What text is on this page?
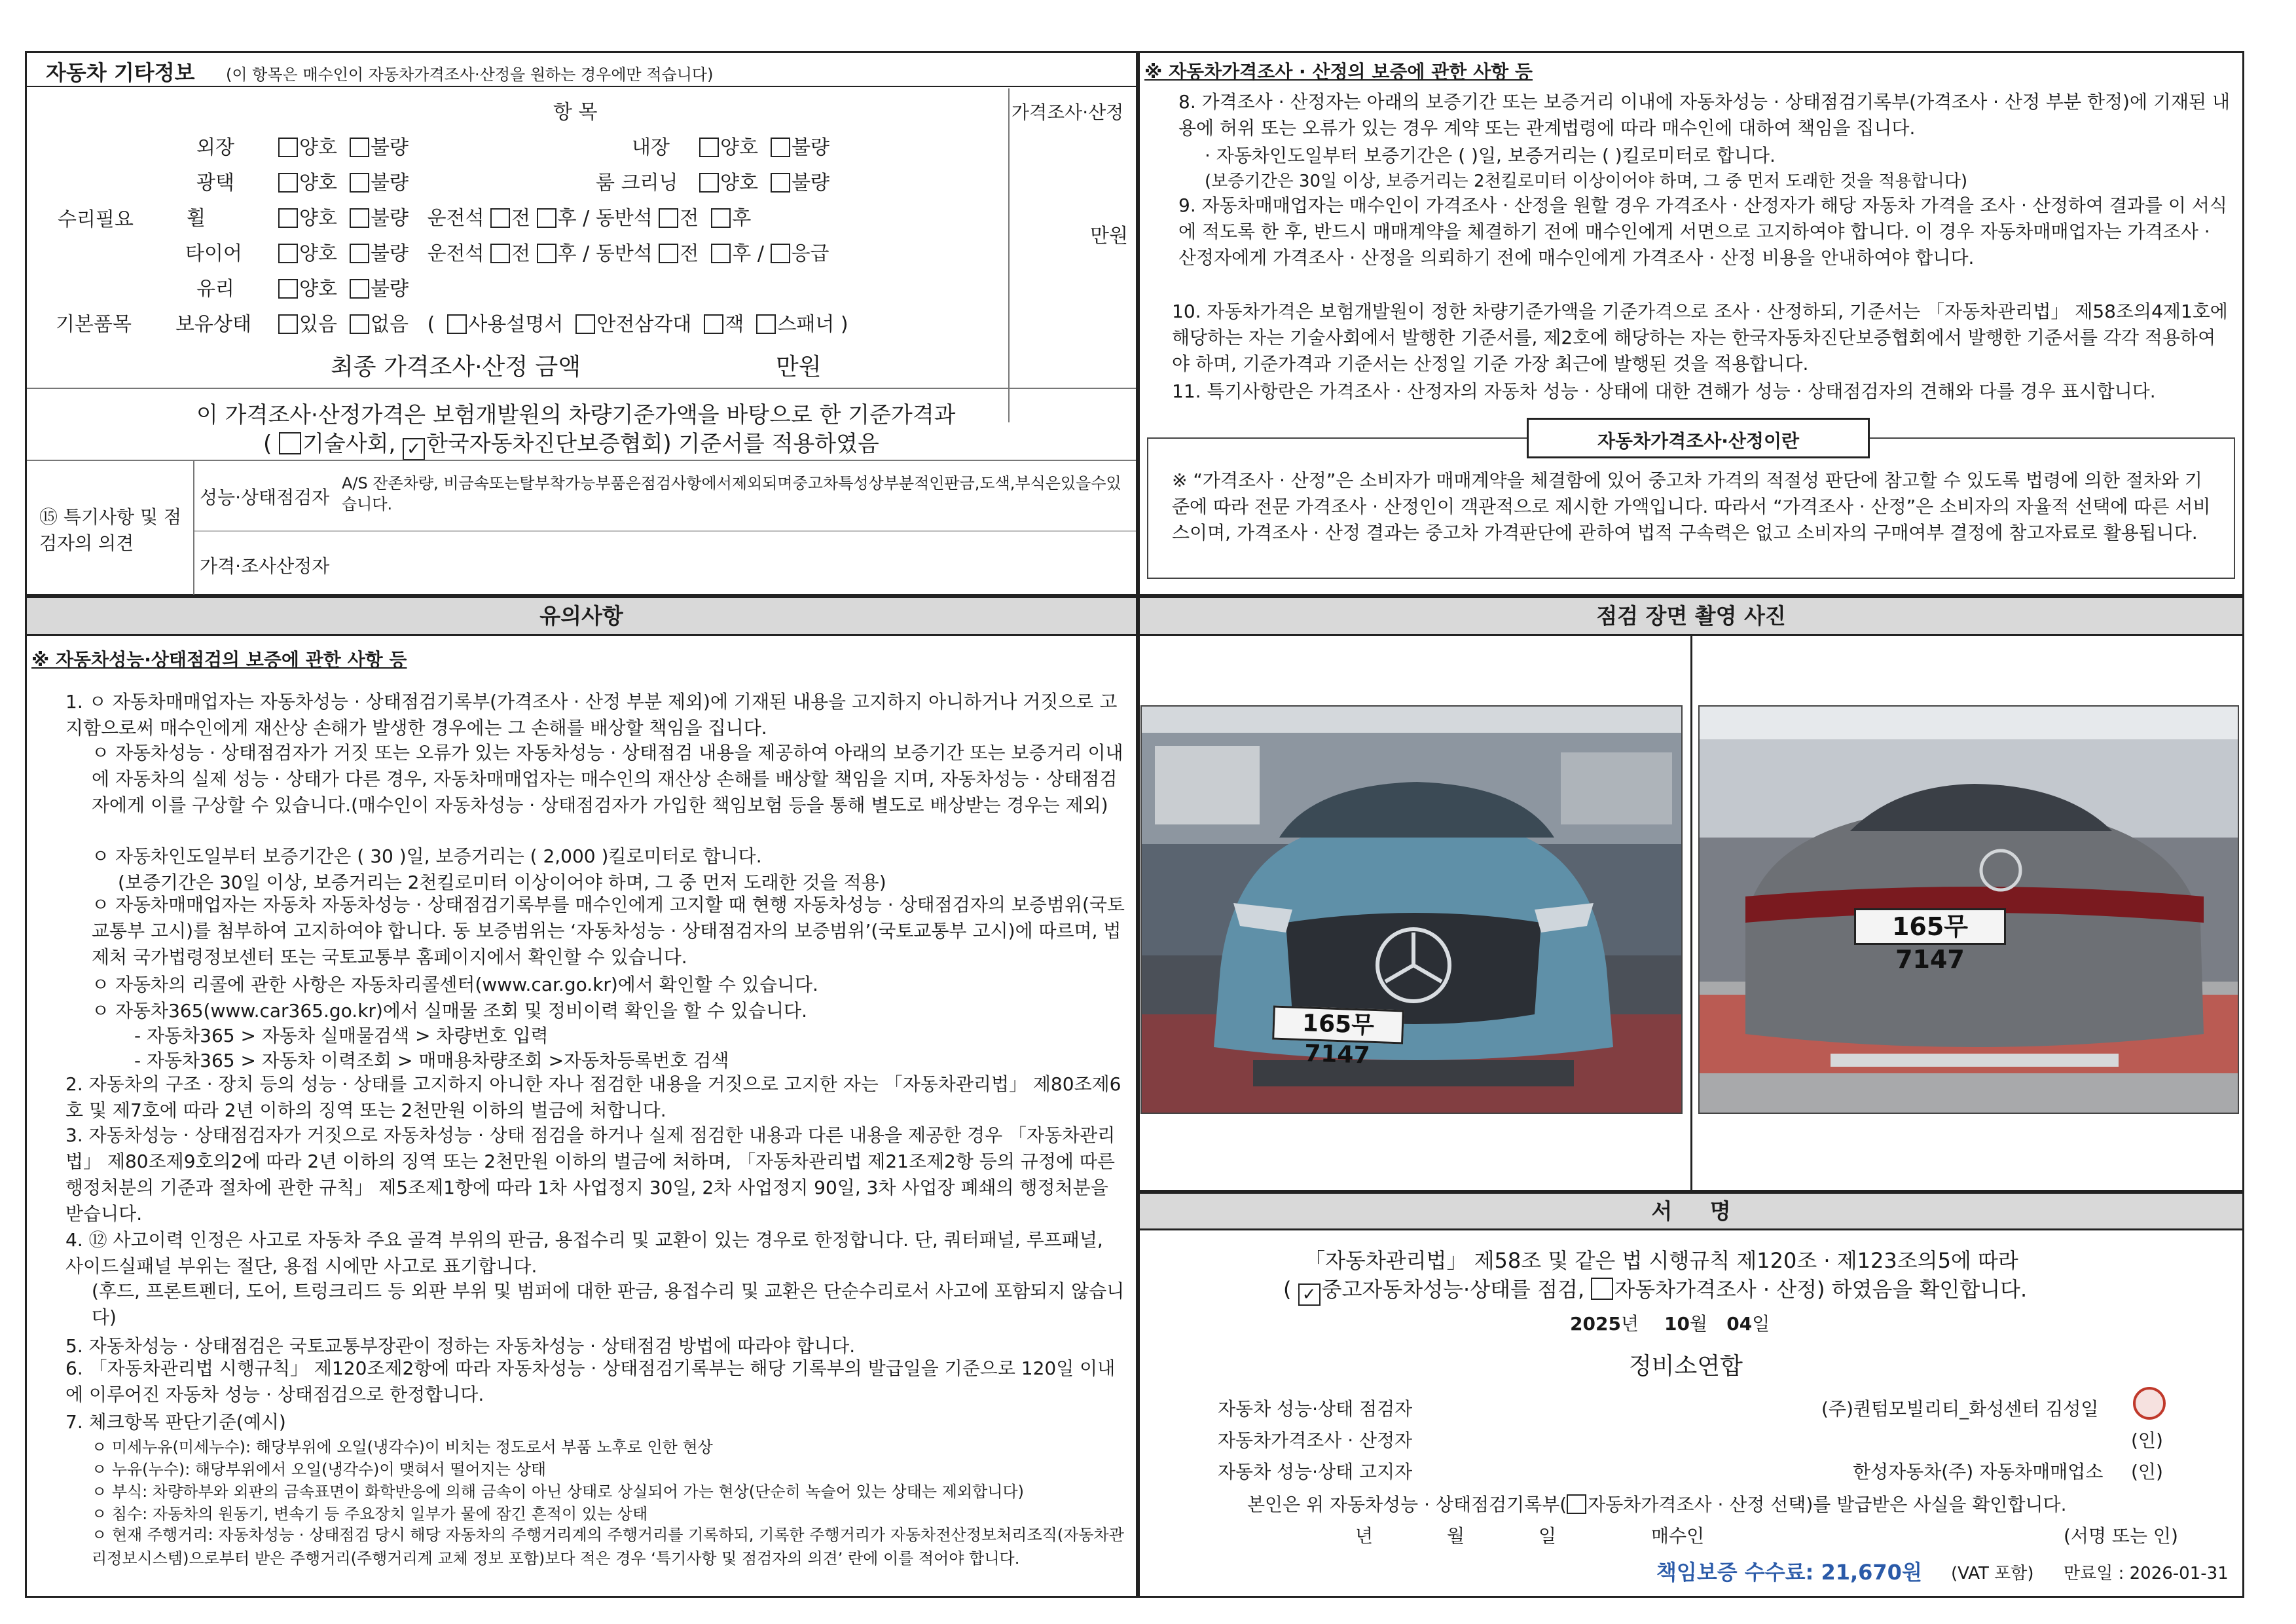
자동차 기타정보 (이 항목은 매수인이 자동차가격조사·산정을 원하는 경우에만 적습니다)
항 목	가격조사·산정
수리필요
만원
외장	양호 불량	내장	양호 불량
광택	양호 불량	룸 크리닝	양호 불량
휠	양호 불량 운전석 전 후 / 동반석 전 후
타이어	양호 불량 운전석 전 후 / 동반석 전 후 / 응급
유리	양호 불량
기본품목 보유상태	있음 없음   (  사용설명서 안전삼각대 잭 스패너 )
최종 가격조사·산정 금액	만원
이 가격조사·산정가격은 보험개발원의 차량기준가액을 바탕으로 한 기준가격과
( 기술사회, ✓ 한국자동차진단보증협회) 기준서를 적용하였음
⑮ 특기사항 및 점검자의 의견
성능·상태점검자
A/S 잔존차량, 비금속또는탈부착가능부품은점검사항에서제외되며중고차특성상부분적인판금,도색,부식은있을수있습니다.
가격·조사산정자
※ 자동차가격조사 · 산정의 보증에 관한 사항 등
8. 가격조사 · 산정자는 아래의 보증기간 또는 보증거리 이내에 자동차성능 · 상태점검기록부(가격조사 · 산정 부분 한정)에 기재된 내용에 허위 또는 오류가 있는 경우 계약 또는 관계법령에 따라 매수인에 대하여 책임을 집니다.
· 자동차인도일부터 보증기간은 ( )일, 보증거리는 ( )킬로미터로 합니다.
(보증기간은 30일 이상, 보증거리는 2천킬로미터 이상이어야 하며, 그 중 먼저 도래한 것을 적용합니다)
9. 자동차매매업자는 매수인이 가격조사 · 산정을 원할 경우 가격조사 · 산정자가 해당 자동차 가격을 조사 · 산정하여 결과를 이 서식에 적도록 한 후, 반드시 매매계약을 체결하기 전에 매수인에게 서면으로 고지하여야 합니다. 이 경우 자동차매매업자는 가격조사 · 산정자에게 가격조사 · 산정을 의뢰하기 전에 매수인에게 가격조사 · 산정 비용을 안내하여야 합니다.
10. 자동차가격은 보험개발원이 정한 차량기준가액을 기준가격으로 조사 · 산정하되, 기준서는 「자동차관리법」 제58조의4제1호에 해당하는 자는 기술사회에서 발행한 기준서를, 제2호에 해당하는 자는 한국자동차진단보증협회에서 발행한 기준서를 각각 적용하여야 하며, 기준가격과 기준서는 산정일 기준 가장 최근에 발행된 것을 적용합니다.
11. 특기사항란은 가격조사 · 산정자의 자동차 성능 · 상태에 대한 견해가 성능 · 상태점검자의 견해와 다를 경우 표시합니다.
자동차가격조사·산정이란
※ “가격조사 · 산정”은 소비자가 매매계약을 체결함에 있어 중고차 가격의 적절성 판단에 참고할 수 있도록 법령에 의한 절차와 기준에 따라 전문 가격조사 · 산정인이 객관적으로 제시한 가액입니다. 따라서 “가격조사 · 산정”은 소비자의 자율적 선택에 따른 서비스이며, 가격조사 · 산정 결과는 중고차 가격판단에 관하여 법적 구속력은 없고 소비자의 구매여부 결정에 참고자료로 활용됩니다.
유의사항
※ 자동차성능·상태점검의 보증에 관한 사항 등
1. ㅇ 자동차매매업자는 자동차성능 · 상태점검기록부(가격조사 · 산정 부분 제외)에 기재된 내용을 고지하지 아니하거나 거짓으로 고지함으로써 매수인에게 재산상 손해가 발생한 경우에는 그 손해를 배상할 책임을 집니다.
ㅇ 자동차성능 · 상태점검자가 거짓 또는 오류가 있는 자동차성능 · 상태점검 내용을 제공하여 아래의 보증기간 또는 보증거리 이내에 자동차의 실제 성능 · 상태가 다른 경우, 자동차매매업자는 매수인의 재산상 손해를 배상할 책임을 지며, 자동차성능 · 상태점검자에게 이를 구상할 수 있습니다.(매수인이 자동차성능 · 상태점검자가 가입한 책임보험 등을 통해 별도로 배상받는 경우는 제외)
ㅇ 자동차인도일부터 보증기간은 ( 30 )일, 보증거리는 ( 2,000 )킬로미터로 합니다.
(보증기간은 30일 이상, 보증거리는 2천킬로미터 이상이어야 하며, 그 중 먼저 도래한 것을 적용)
ㅇ 자동차매매업자는 자동차 자동차성능 · 상태점검기록부를 매수인에게 고지할 때 현행 자동차성능 · 상태점검자의 보증범위(국토교통부 고시)를 첨부하여 고지하여야 합니다. 동 보증범위는 ‘자동차성능 · 상태점검자의 보증범위’(국토교통부 고시)에 따르며, 법제처 국가법령정보센터 또는 국토교통부 홈페이지에서 확인할 수 있습니다.
ㅇ 자동차의 리콜에 관한 사항은 자동차리콜센터(www.car.go.kr)에서 확인할 수 있습니다.
ㅇ 자동차365(www.car365.go.kr)에서 실매물 조회 및 정비이력 확인을 할 수 있습니다.
- 자동차365 > 자동차 실매물검색 > 차량번호 입력
- 자동차365 > 자동차 이력조회 > 매매용차량조회 >자동차등록번호 검색
2. 자동차의 구조 · 장치 등의 성능 · 상태를 고지하지 아니한 자나 점검한 내용을 거짓으로 고지한 자는 「자동차관리법」 제80조제6호 및 제7호에 따라 2년 이하의 징역 또는 2천만원 이하의 벌금에 처합니다.
3. 자동차성능 · 상태점검자가 거짓으로 자동차성능 · 상태 점검을 하거나 실제 점검한 내용과 다른 내용을 제공한 경우 「자동차관리법」 제80조제9호의2에 따라 2년 이하의 징역 또는 2천만원 이하의 벌금에 처하며, 「자동차관리법 제21조제2항 등의 규정에 따른 행정처분의 기준과 절차에 관한 규칙」 제5조제1항에 따라 1차 사업정지 30일, 2차 사업정지 90일, 3차 사업장 폐쇄의 행정처분을 받습니다.
4. ⑫ 사고이력 인정은 사고로 자동차 주요 골격 부위의 판금, 용접수리 및 교환이 있는 경우로 한정합니다. 단, 쿼터패널, 루프패널, 사이드실패널 부위는 절단, 용접 시에만 사고로 표기합니다.
(후드, 프론트펜더, 도어, 트렁크리드 등 외판 부위 및 범퍼에 대한 판금, 용접수리 및 교환은 단순수리로서 사고에 포함되지 않습니다)
5. 자동차성능 · 상태점검은 국토교통부장관이 정하는 자동차성능 · 상태점검 방법에 따라야 합니다.
6. 「자동차관리법 시행규칙」 제120조제2항에 따라 자동차성능 · 상태점검기록부는 해당 기록부의 발급일을 기준으로 120일 이내에 이루어진 자동차 성능 · 상태점검으로 한정합니다.
7. 체크항목 판단기준(예시)
ㅇ 미세누유(미세누수): 해당부위에 오일(냉각수)이 비치는 정도로서 부품 노후로 인한 현상
ㅇ 누유(누수): 해당부위에서 오일(냉각수)이 맺혀서 떨어지는 상태
ㅇ 부식: 차량하부와 외판의 금속표면이 화학반응에 의해 금속이 아닌 상태로 상실되어 가는 현상(단순히 녹슬어 있는 상태는 제외합니다)
ㅇ 침수: 자동차의 원동기, 변속기 등 주요장치 일부가 물에 잠긴 흔적이 있는 상태
ㅇ 현재 주행거리: 자동차성능 · 상태점검 당시 해당 자동차의 주행거리계의 주행거리를 기록하되, 기록한 주행거리가 자동차전산정보처리조직(자동차관리정보시스템)으로부터 받은 주행거리(주행거리계 교체 정보 포함)보다 적은 경우 ‘특기사항 및 점검자의 의견’ 란에 이를 적어야 합니다.
점검 장면 촬영 사진
165무 7147
165무 7147
서     명
「자동차관리법」 제58조 및 같은 법 시행규칙 제120조 · 제123조의5에 따라
( ✓ 중고자동차성능·상태를 점검, 자동차가격조사 · 산정) 하였음을 확인합니다.
2025년 10월 04일
정비소연합
자동차 성능·상태 점검자	(주)퀀텀모빌리티_화성센터 김성일
자동차가격조사 · 산정자	(인)
자동차 성능·상태 고지자	한성자동차(주) 자동차매매업소 (인)
본인은 위 자동차성능 · 상태점검기록부( 자동차가격조사 · 산정 선택)를 발급받은 사실을 확인합니다.
년	월	일	매수인	(서명 또는 인)
책임보증 수수료: 21,670원 (VAT 포함) 만료일 : 2026-01-31
